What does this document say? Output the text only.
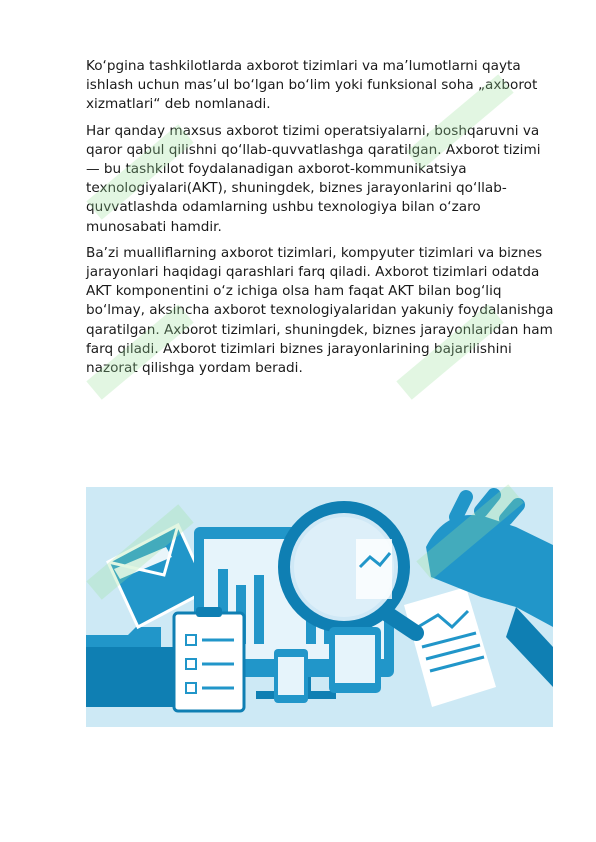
Ko‘pgina tashkilotlarda axborot tizimlari va ma’lumotlarni qayta ishlash uchun mas’ul bo‘lgan bo‘lim yoki funksional soha „axborot xizmatlari“ deb nomlanadi.

Har qanday maxsus axborot tizimi operatsiyalarni, boshqaruvni va qaror qabul qilishni qo‘llab-quvvatlashga qaratilgan. Axborot tizimi — bu tashkilot foydalanadigan axborot-kommunikatsiya texnologiyalari(AKT), shuningdek, biznes jarayonlarini qo‘llab-quvvatlashda odamlarning ushbu texnologiya bilan o‘zaro munosabati hamdir.

Ba’zi mualliflarning axborot tizimlari, kompyuter tizimlari va biznes jarayonlari haqidagi qarashlari farq qiladi. Axborot tizimlari odatda AKT komponentini o‘z ichiga olsa ham faqat AKT bilan bog‘liq bo‘lmay, aksincha axborot texnologiyalaridan yakuniy foydalanishga qaratilgan. Axborot tizimlari, shuningdek, biznes jarayonlaridan ham farq qiladi. Axborot tizimlari biznes jarayonlarining bajarilishini nazorat qilishga yordam beradi.
